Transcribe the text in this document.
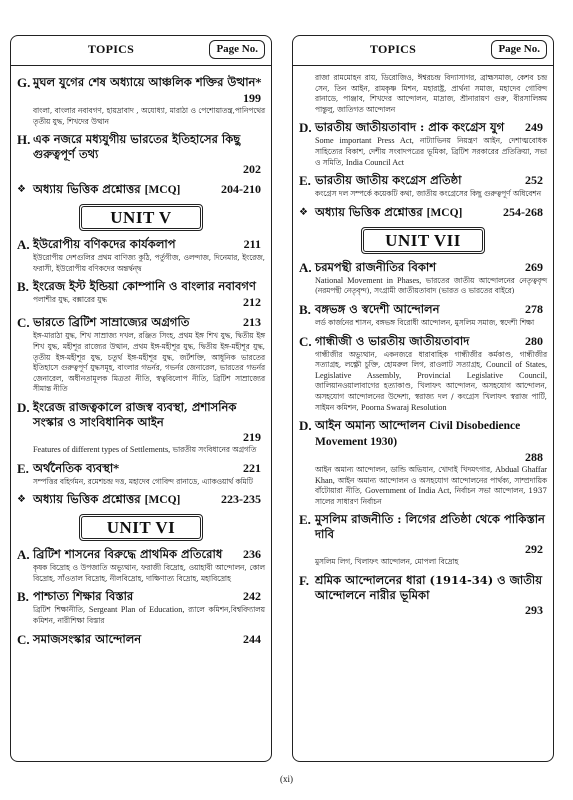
TOPICS	Page No.
G. মুঘল যুগের শেষ অধ্যায়ে আঞ্চলিক শক্তির উত্থান*
199
বাংলা, বাংলার নবাবগণ, হায়দ্রাবাদ , অযোধ্যা, মারাঠা ও পেশোয়াতন্ত্র,পানিপথের তৃতীয় যুদ্ধ, শিখদের উত্থান
H. এক নজরে মধ্যযুগীয় ভারতের ইতিহাসের কিছু গুরুত্বপূর্ণ তথ্য
202
❖ অধ্যায় ভিত্তিক প্রশ্নোত্তর [MCQ]	204-210
UNIT V
A. ইউরোপীয় বণিকদের কার্যকলাপ	211
ইউরোপীয় দেশগুলির প্রথম বাণিজ্য কুঠি, পর্তুগীজ, ওলন্দাজ, দিনেমার, ইংরেজ, ফরাসী, ইউরোপীয় বণিকদের অন্তর্দ্বন্দ্ব
B. ইংরেজ ইস্ট ইন্ডিয়া কোম্পানি ও বাংলার নবাবগণ
পলাশীর যুদ্ধ, বক্সারের যুদ্ধ	212
C. ভারতে ব্রিটিশ সাম্রাজ্যের অগ্রগতি	213
ইঙ্গ-মারাঠা যুদ্ধ, শিখ সাম্রাজ্য দখল, রঞ্জিত সিংহ, প্রথম ইঙ্গ শিখ যুদ্ধ, দ্বিতীয় ইঙ্গ শিখ যুদ্ধ, মহীশূর রাজ্যের উত্থান, প্রথম ইঙ্গ-মহীশূর যুদ্ধ, দ্বিতীয় ইঙ্গ-মহীশূর যুদ্ধ, তৃতীয় ইঙ্গ-মহীশূর যুদ্ধ, চতুর্থ ইঙ্গ-মহীশূর যুদ্ধ, জর্টশক্তি, আধুনিক ভারতের ইতিহাসে গুরুত্বপূর্ণ যুদ্ধসমূহ, বাংলার গভর্নর, গভর্নর জেনারেল, ভারতের গভর্নর জেনারেল, অধীনতামূলক মিত্রতা নীতি, স্বত্ববিলোপ নীতি, ব্রিটিশ সাম্রাজ্যের সীমান্ত নীতি
D. ইংরেজ রাজত্বকালে রাজস্ব ব্যবস্থা, প্রশাসনিক সংস্কার ও সাংবিধানিক আইন
219
Features of different types of Settlements, ভারতীয় সংবিধানের অগ্রগতি
E. অর্থনৈতিক ব্যবস্থা*	221
সম্পত্তির বহির্গমন, রমেশচন্দ্র দত্ত, মহাদেব গোবিন্দ রানাডে, এ্যাকওয়ার্থ কমিটি
❖ অধ্যায় ভিত্তিক প্রশ্নোত্তর [MCQ]	223-235
UNIT VI
A. ব্রিটিশ শাসনের বিরুদ্ধে প্রাথমিক প্রতিরোধ	236
কৃষক বিদ্রোহ ও উপজাতি অভ্যুত্থান, ফরাজী বিদ্রোহ, ওয়াহাবী আন্দোলন, কোল বিদ্রোহ, সাঁওতাল বিদ্রোহ, নীলবিদ্রোহ, দাক্ষিণাত্য বিদ্রোহ, মহাবিদ্রোহ
B. পাশ্চাত্য শিক্ষার বিস্তার	242
ব্রিটিশ শিক্ষানীতি, Sergeant Plan of Education, র‍্যালে কমিশন,বিশ্ববিদ্যালয় কমিশন, নারীশিক্ষা বিস্তার
C. সমাজসংস্কার আন্দোলন	244
TOPICS	Page No.
রাজা রামমোহন রায়, ডিরোজিও, ঈশ্বরচন্দ্র বিদ্যাসাগর, ব্রাহ্মসমাজ, কেশব চন্দ্র সেন, তিন আইন, রামকৃষ্ণ মিশন, মহারাষ্ট্র, প্রার্থনা সমাজ, মহাদেব গোবিন্দ রানাডে, পাঞ্জাব, শিখদের আন্দোলন, মাদ্রাজ, শ্রীনারায়ণ গুরু, বীরসালিঙ্গম পান্তুলু, জাতিগত আন্দোলন
D. ভারতীয় জাতীয়তাবাদ : প্রাক কংগ্রেস যুগ	249
Some important Press Act, নাট্যাভিনয় নিয়ন্ত্রণ আইন, দেশাত্মবোধক সাহিত্যের বিকাশ, দেশীয় সংবাদপত্রের ভূমিকা, ব্রিটিশ সরকারের প্রতিক্রিয়া, সভা ও সমিতি, India Council Act
E. ভারতীয় জাতীয় কংগ্রেস প্রতিষ্ঠা	252
কংগ্রেস দল সম্পর্কে কয়েকটি কথা, জাতীয় কংগ্রেসের কিছু গুরুত্বপূর্ণ অধিবেশন
❖ অধ্যায় ভিত্তিক প্রশ্নোত্তর [MCQ]	254-268
UNIT VII
A. চরমপন্থী রাজনীতির বিকাশ	269
National Movement in Phases, ভারতের জাতীয় আন্দোলনের নেতৃত্ববৃন্দ (নরমপন্থী নেতৃবৃন্দ), সংগ্রামী জাতীয়তাবাদ (ভারত ও ভারতের বাইরে)
B. বঙ্গভঙ্গ ও স্বদেশী আন্দোলন	278
লর্ড কার্জনের শাসন, বঙ্গভঙ্গ বিরোধী আন্দোলন, মুসলিম সমাজ, স্বদেশী শিক্ষা
C. গান্ধীজী ও ভারতীয় জাতীয়তাবাদ	280
গান্ধীজীর অভ্যুত্থান, একনজরে ধারাবাহিক গান্ধীজীর কর্মকাণ্ড, গান্ধীজীর সত্যাগ্রহ, লক্ষ্ণৌ চুক্তি, হোমরুল লিগ, রাওলাট সত্যাগ্রহ, Council of States, Legislative Assembly, Provincial Legislative Council, জালিয়ানওয়ালাবাগের হত্যাকাণ্ড, খিলাফৎ আন্দোলন, অসহযোগ আন্দোলন, অসহযোগ আন্দোলনের উদ্দেশ্য, স্বরাজ্য দল / কংগ্রেস খিলাফৎ স্বরাজ পার্টি, সাইমন কমিশন, Poorna Swaraj Resolution
D. আইন অমান্য আন্দোলন Civil Disobedience Movement 1930)
288
আইন অমান্য আন্দোলন, ডান্ডি অভিযান, খোদাই খিদমৎগার, Abdual Ghaffar Khan, আইন অমান্য আন্দোলন ও অসহযোগ আন্দোলনের পার্থক্য, সাম্প্রদায়িক বাঁটোয়ারা নীতি, Government of India Act, নির্বাচন সভা আন্দোলন, 1937 সালের সাধারণ নির্বাচন
E. মুসলিম রাজনীতি : লিগের প্রতিষ্ঠা থেকে পাকিস্তান দাবি
292
মুসলিম লিগ, খিলাফৎ আন্দোলন, মোপলা বিদ্রোহ
F. শ্রমিক আন্দোলনের ধারা (1914-34) ও জাতীয় আন্দোলনে নারীর ভূমিকা
293
(xi)
